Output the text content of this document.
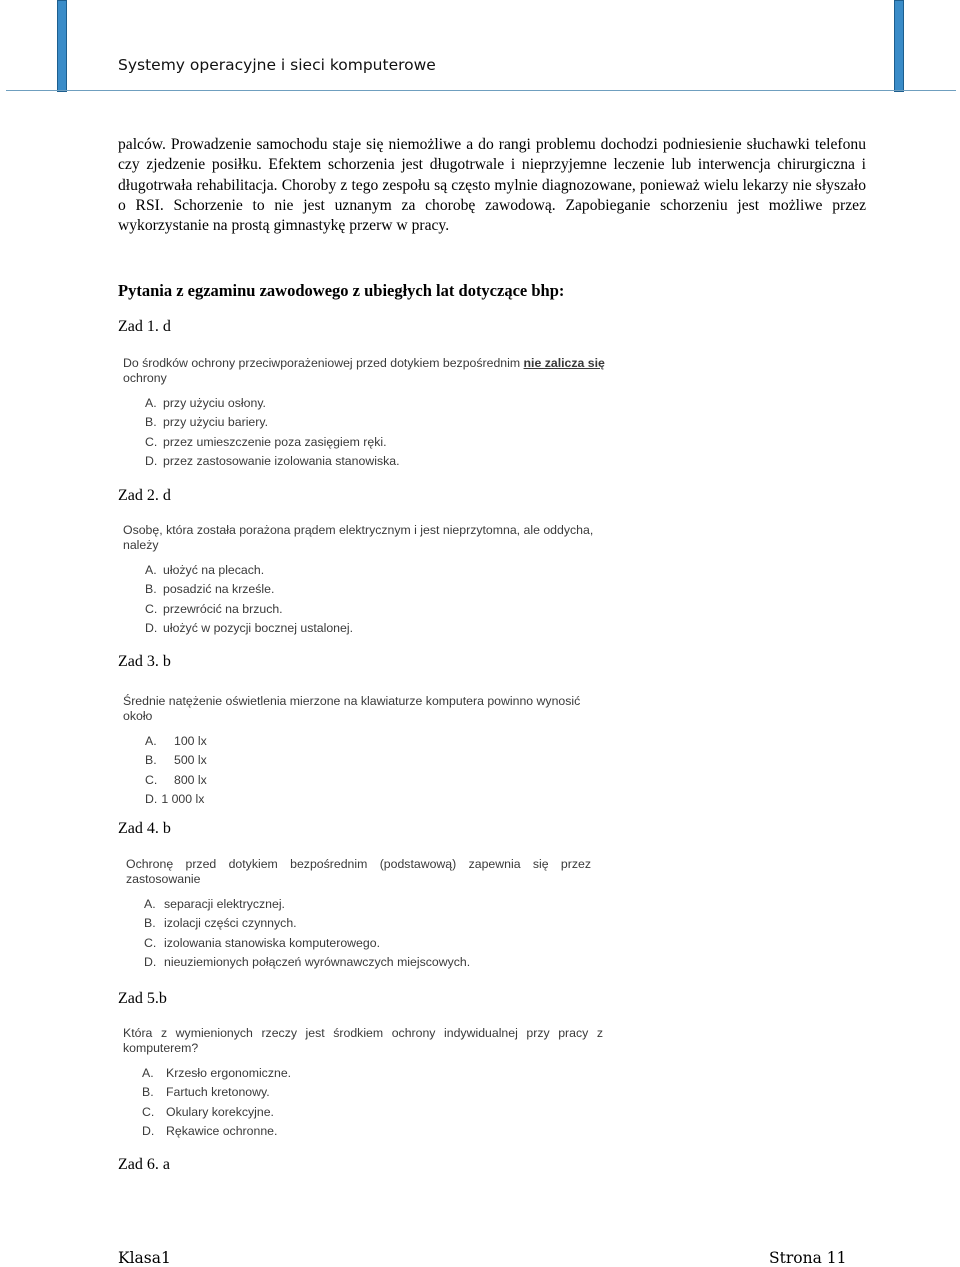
Systemy operacyjne i sieci komputerowe

palców. Prowadzenie samochodu staje się niemożliwe a do rangi problemu dochodzi podniesienie słuchawki telefonu czy zjedzenie posiłku. Efektem schorzenia jest długotrwale i nieprzyjemne leczenie lub interwencja chirurgiczna i długotrwała rehabilitacja. Choroby z tego zespołu są często mylnie diagnozowane, ponieważ wielu lekarzy nie słyszało o RSI. Schorzenie to nie jest uznanym za chorobę zawodową. Zapobieganie schorzeniu jest możliwe przez wykorzystanie na prostą gimnastykę przerw w pracy.

Pytania z egzaminu zawodowego z ubiegłych lat dotyczące bhp:

Zad 1. d

Do środków ochrony przeciwporażeniowej przed dotykiem bezpośrednim nie zalicza się ochrony

A. przy użyciu osłony.
B. przy użyciu bariery.
C. przez umieszczenie poza zasięgiem ręki.
D. przez zastosowanie izolowania stanowiska.
Zad 2. d

Osobę, która została porażona prądem elektrycznym i jest nieprzytomna, ale oddycha, należy

A. ułożyć na plecach.
B. posadzić na krześle.
C. przewrócić na brzuch.
D. ułożyć w pozycji bocznej ustalonej.
Zad 3. b

Średnie natężenie oświetlenia mierzone na klawiaturze komputera powinno wynosić około

A.	100 lx
B.	500 lx
C.	800 lx
D. 1 000 lx
Zad 4. b

Ochronę przed dotykiem bezpośrednim (podstawową) zapewnia się przez zastosowanie

A. separacji elektrycznej.
B. izolacji części czynnych.
C. izolowania stanowiska komputerowego.
D. nieuziemionych połączeń wyrównawczych miejscowych.
Zad 5.b

Która z wymienionych rzeczy jest środkiem ochrony indywidualnej przy pracy z komputerem?

A.	Krzesło ergonomiczne.
B.	Fartuch kretonowy.
C. Okulary korekcyjne.
D. Rękawice ochronne.
Zad 6. a
Klasa1	Strona 11
